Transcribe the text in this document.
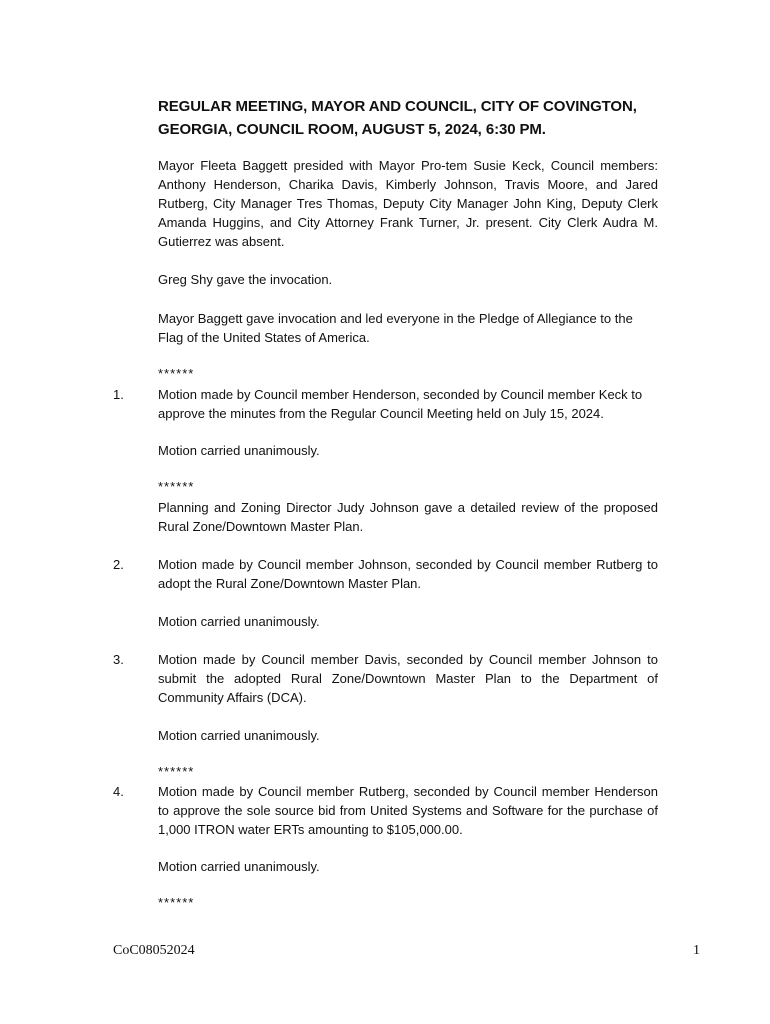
REGULAR MEETING, MAYOR AND COUNCIL, CITY OF COVINGTON, GEORGIA, COUNCIL ROOM, AUGUST 5, 2024, 6:30 PM.
Mayor Fleeta Baggett presided with Mayor Pro-tem Susie Keck, Council members: Anthony Henderson, Charika Davis, Kimberly Johnson, Travis Moore, and Jared Rutberg, City Manager Tres Thomas, Deputy City Manager John King, Deputy Clerk Amanda Huggins, and City Attorney Frank Turner, Jr. present. City Clerk Audra M. Gutierrez was absent.
Greg Shy gave the invocation.
Mayor Baggett gave invocation and led everyone in the Pledge of Allegiance to the Flag of the United States of America.
******
1.	Motion made by Council member Henderson, seconded by Council member Keck to approve the minutes from the Regular Council Meeting held on July 15, 2024.
Motion carried unanimously.
******
Planning and Zoning Director Judy Johnson gave a detailed review of the proposed Rural Zone/Downtown Master Plan.
2.	Motion made by Council member Johnson, seconded by Council member Rutberg to adopt the Rural Zone/Downtown Master Plan.
Motion carried unanimously.
3.	Motion made by Council member Davis, seconded by Council member Johnson to submit the adopted Rural Zone/Downtown Master Plan to the Department of Community Affairs (DCA).
Motion carried unanimously.
******
4.	Motion made by Council member Rutberg, seconded by Council member Henderson to approve the sole source bid from United Systems and Software for the purchase of 1,000 ITRON water ERTs amounting to $105,000.00.
Motion carried unanimously.
******
CoC08052024	1
